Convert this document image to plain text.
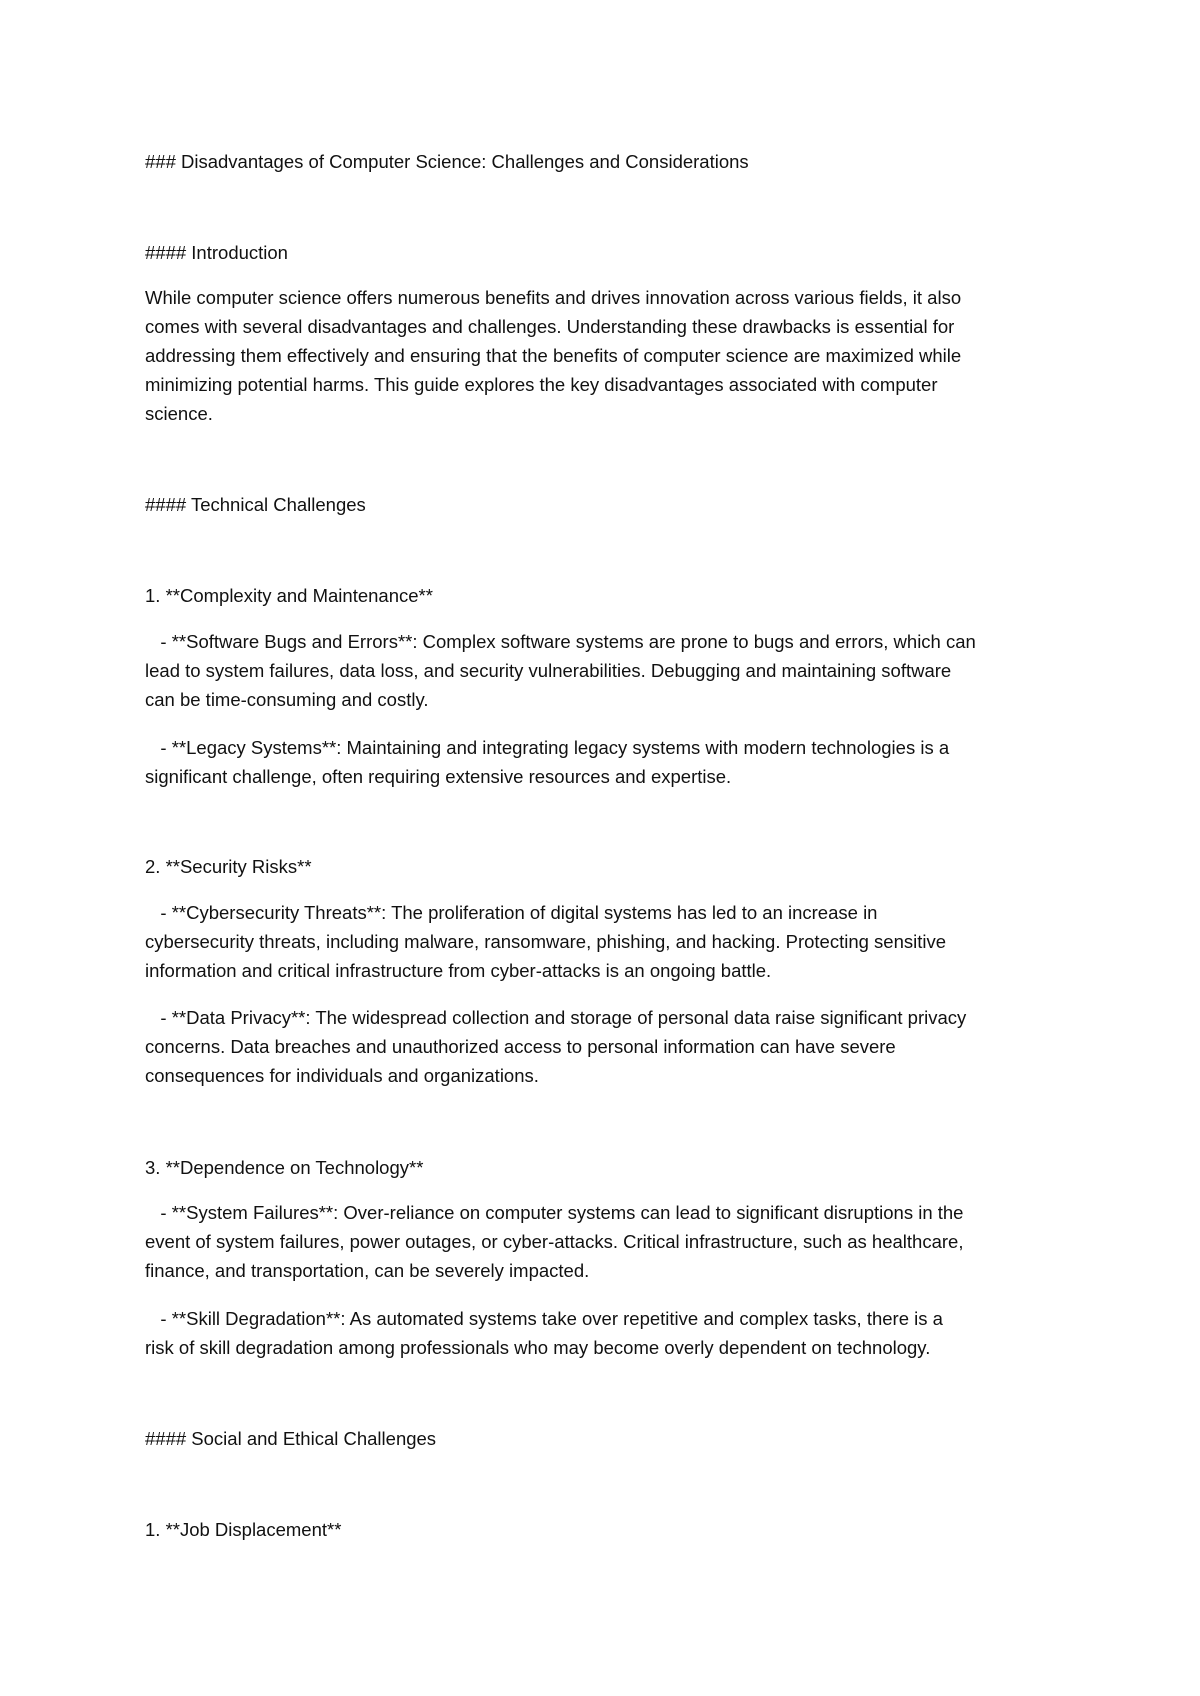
### Disadvantages of Computer Science: Challenges and Considerations

#### Introduction

While computer science offers numerous benefits and drives innovation across various fields, it also

comes with several disadvantages and challenges. Understanding these drawbacks is essential for

addressing them effectively and ensuring that the benefits of computer science are maximized while

minimizing potential harms. This guide explores the key disadvantages associated with computer

science.

#### Technical Challenges

1. **Complexity and Maintenance**

- **Software Bugs and Errors**: Complex software systems are prone to bugs and errors, which can

lead to system failures, data loss, and security vulnerabilities. Debugging and maintaining software

can be time-consuming and costly.

- **Legacy Systems**: Maintaining and integrating legacy systems with modern technologies is a

significant challenge, often requiring extensive resources and expertise.

2. **Security Risks**

- **Cybersecurity Threats**: The proliferation of digital systems has led to an increase in

cybersecurity threats, including malware, ransomware, phishing, and hacking. Protecting sensitive

information and critical infrastructure from cyber-attacks is an ongoing battle.

- **Data Privacy**: The widespread collection and storage of personal data raise significant privacy

concerns. Data breaches and unauthorized access to personal information can have severe

consequences for individuals and organizations.

3. **Dependence on Technology**

- **System Failures**: Over-reliance on computer systems can lead to significant disruptions in the

event of system failures, power outages, or cyber-attacks. Critical infrastructure, such as healthcare,

finance, and transportation, can be severely impacted.

- **Skill Degradation**: As automated systems take over repetitive and complex tasks, there is a

risk of skill degradation among professionals who may become overly dependent on technology.

#### Social and Ethical Challenges

1. **Job Displacement**
